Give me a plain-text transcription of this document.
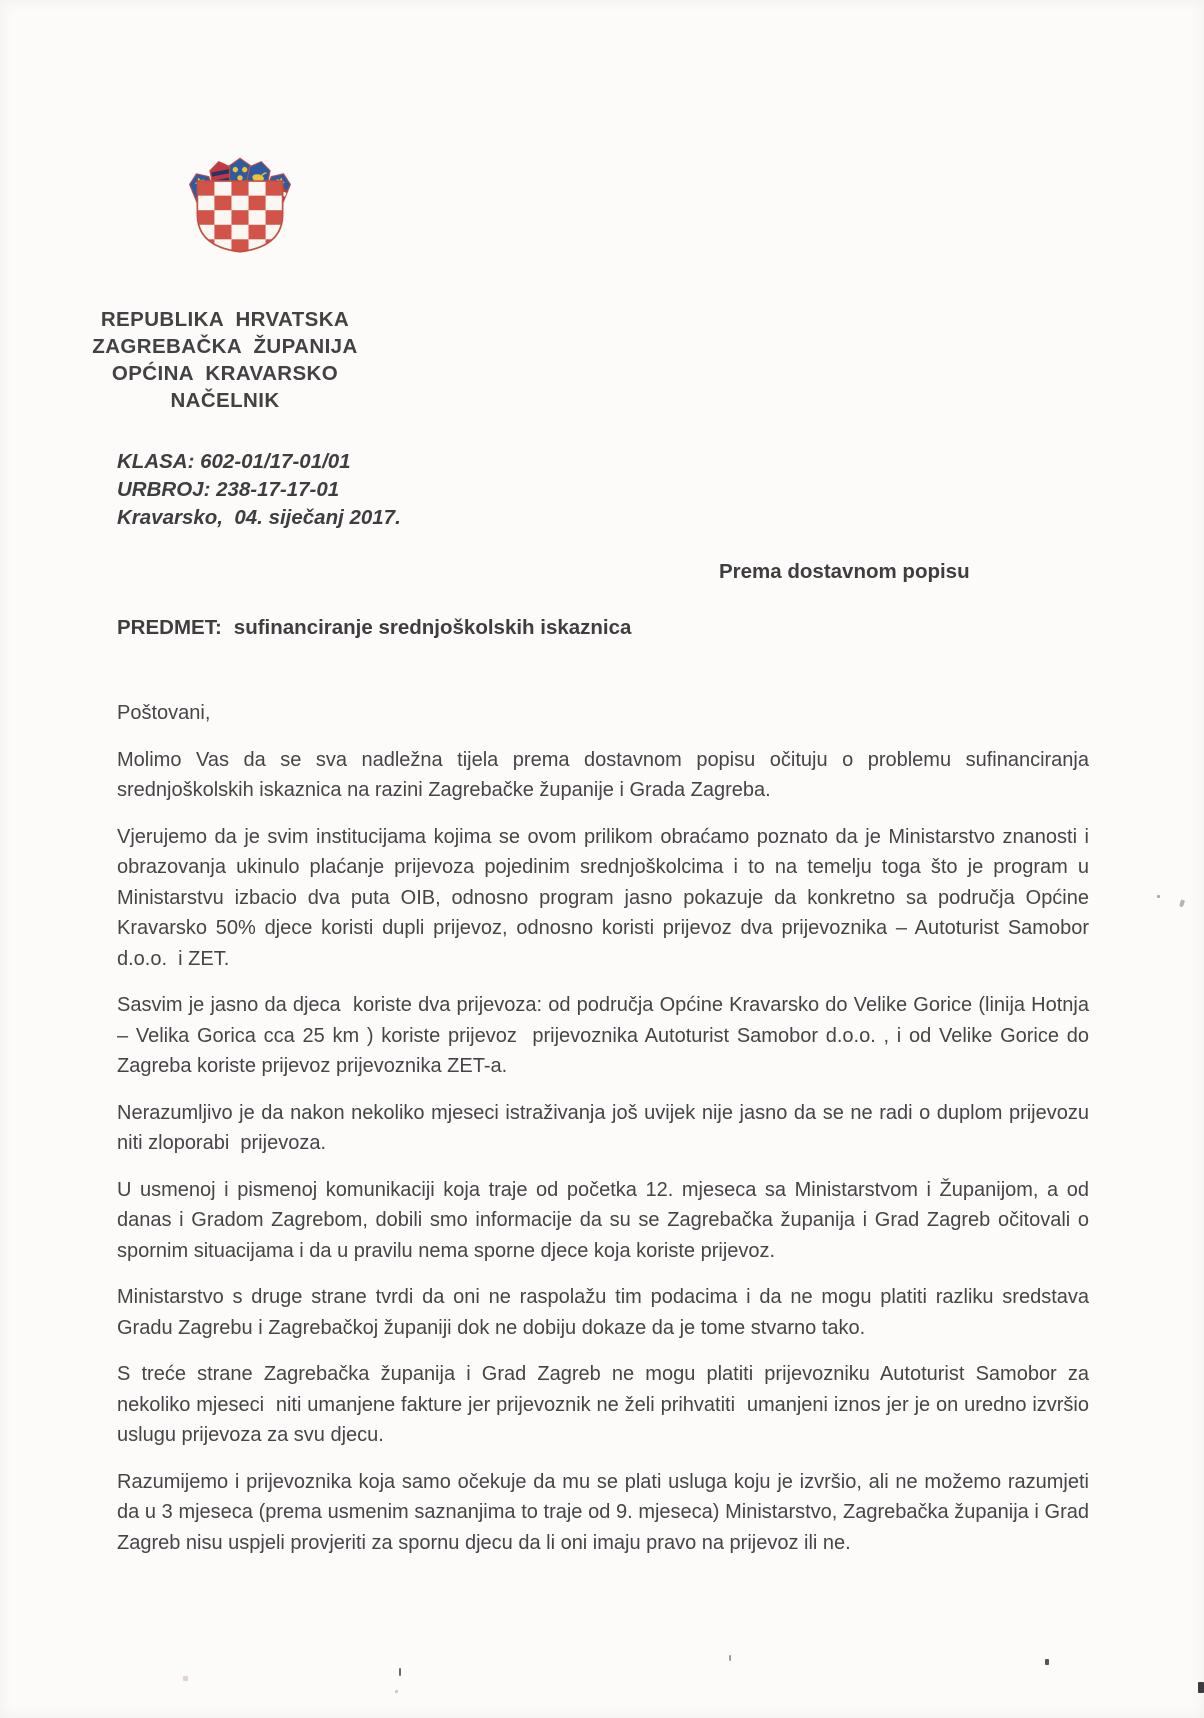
REPUBLIKA  HRVATSKA
ZAGREBAČKA  ŽUPANIJA
OPĆINA  KRAVARSKO
NAČELNIK
KLASA: 602-01/17-01/01
URBROJ: 238-17-17-01
Kravarsko,  04. siječanj 2017.
Prema dostavnom popisu
PREDMET: sufinanciranje srednjoškolskih iskaznica

Poštovani,

Molimo Vas da se sva nadležna tijela prema dostavnom popisu očituju o problemu sufinanciranja srednjoškolskih iskaznica na razini Zagrebačke županije i Grada Zagreba.

Vjerujemo da je svim institucijama kojima se ovom prilikom obraćamo poznato da je Ministarstvo znanosti i obrazovanja ukinulo plaćanje prijevoza pojedinim srednjoškolcima i to na temelju toga što je program u Ministarstvu izbacio dva puta OIB, odnosno program jasno pokazuje da konkretno sa područja Općine Kravarsko 50% djece koristi dupli prijevoz, odnosno koristi prijevoz dva prijevoznika – Autoturist Samobor d.o.o.  i ZET.

Sasvim je jasno da djeca  koriste dva prijevoza: od područja Općine Kravarsko do Velike Gorice (linija Hotnja – Velika Gorica cca 25 km ) koriste prijevoz  prijevoznika Autoturist Samobor d.o.o. , i od Velike Gorice do Zagreba koriste prijevoz prijevoznika ZET-a.

Nerazumljivo je da nakon nekoliko mjeseci istraživanja još uvijek nije jasno da se ne radi o duplom prijevozu niti zloporabi  prijevoza.

U usmenoj i pismenoj komunikaciji koja traje od početka 12. mjeseca sa Ministarstvom i Županijom, a od danas i Gradom Zagrebom, dobili smo informacije da su se Zagrebačka županija i Grad Zagreb očitovali o spornim situacijama i da u pravilu nema sporne djece koja koriste prijevoz.

Ministarstvo s druge strane tvrdi da oni ne raspolažu tim podacima i da ne mogu platiti razliku sredstava Gradu Zagrebu i Zagrebačkoj županiji dok ne dobiju dokaze da je tome stvarno tako.

S treće strane Zagrebačka županija i Grad Zagreb ne mogu platiti prijevozniku Autoturist Samobor za nekoliko mjeseci  niti umanjene fakture jer prijevoznik ne želi prihvatiti  umanjeni iznos jer je on uredno izvršio uslugu prijevoza za svu djecu.

Razumijemo i prijevoznika koja samo očekuje da mu se plati usluga koju je izvršio, ali ne možemo razumjeti da u 3 mjeseca (prema usmenim saznanjima to traje od 9. mjeseca) Ministarstvo, Zagrebačka županija i Grad Zagreb nisu uspjeli provjeriti za spornu djecu da li oni imaju pravo na prijevoz ili ne.
